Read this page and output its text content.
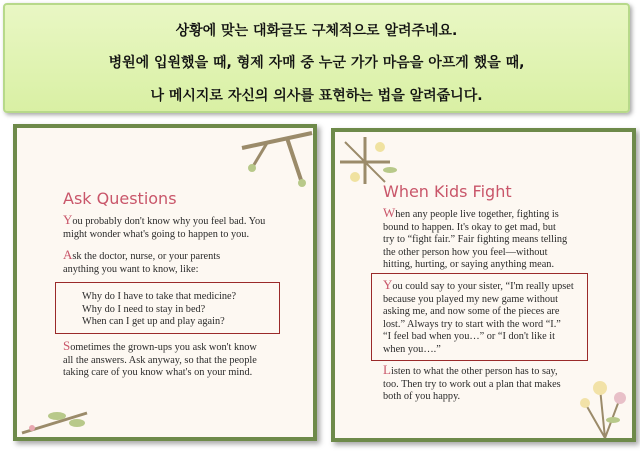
상황에 맞는 대화글도 구체적으로 알려주네요.
병원에 입원했을 때, 형제 자매 중 누군 가가 마음을 아프게 했을 때,
나 메시지로 자신의 의사를 표현하는 법을 알려줍니다.
Ask Questions
You probably don't know why you feel bad. You
might wonder what's going to happen to you.
Ask the doctor, nurse, or your parents
anything you want to know, like:
Why do I have to take that medicine?
Why do I need to stay in bed?
When can I get up and play again?
Sometimes the grown-ups you ask won't know
all the answers. Ask anyway, so that the people
taking care of you know what's on your mind.
When Kids Fight
When any people live together, fighting is
bound to happen. It's okay to get mad, but
try to “fight fair.” Fair fighting means telling
the other person how you feel—without
hitting, hurting, or saying anything mean.
You could say to your sister, “I'm really upset
because you played my new game without
asking me, and now some of the pieces are
lost.” Always try to start with the word “I.”
“I feel bad when you…” or “I don't like it
when you….”
Listen to what the other person has to say,
too. Then try to work out a plan that makes
both of you happy.
